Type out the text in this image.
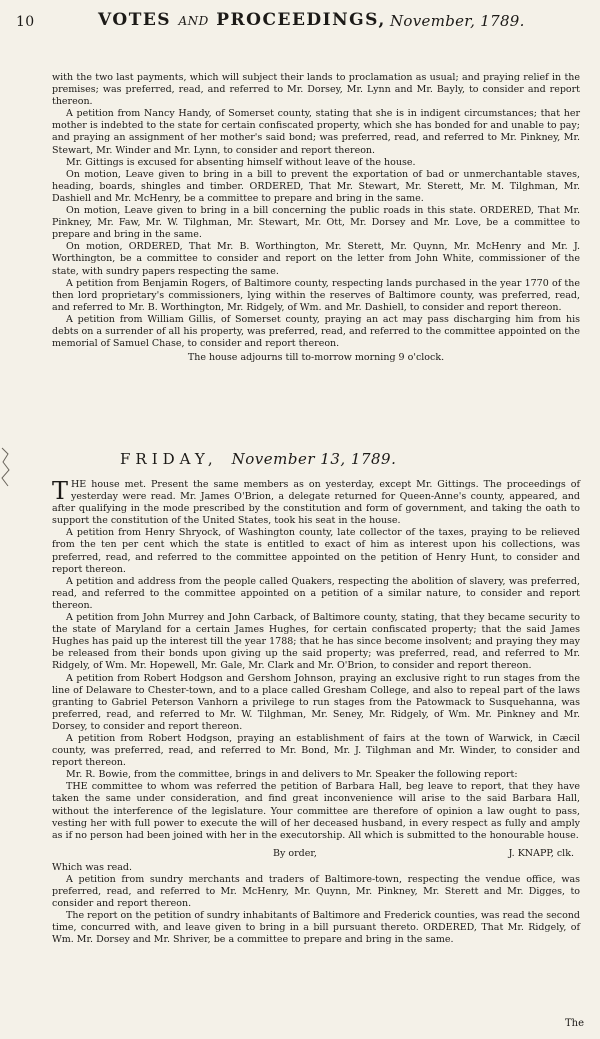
10	VOTES AND PROCEEDINGS, November, 1789.

with the two last payments, which will subject their lands to proclamation as usual; and praying relief in the premises; was preferred, read, and referred to Mr. Dorsey, Mr. Lynn and Mr. Bayly, to consider and report thereon.

A petition from Nancy Handy, of Somerset county, stating that she is in indigent circumstances; that her mother is indebted to the state for certain confiscated property, which she has bonded for and unable to pay; and praying an assignment of her mother's said bond; was preferred, read, and referred to Mr. Pinkney, Mr. Stewart, Mr. Winder and Mr. Lynn, to consider and report thereon.

Mr. Gittings is excused for absenting himself without leave of the house.

On motion, Leave given to bring in a bill to prevent the exportation of bad or unmerchantable staves, heading, boards, shingles and timber. ORDERED, That Mr. Stewart, Mr. Sterett, Mr. M. Tilghman, Mr. Dashiell and Mr. McHenry, be a committee to prepare and bring in the same.

On motion, Leave given to bring in a bill concerning the public roads in this state. ORDERED, That Mr. Pinkney, Mr. Faw, Mr. W. Tilghman, Mr. Stewart, Mr. Ott, Mr. Dorsey and Mr. Love, be a committee to prepare and bring in the same.

On motion, ORDERED, That Mr. B. Worthington, Mr. Sterett, Mr. Quynn, Mr. McHenry and Mr. J. Worthington, be a committee to consider and report on the letter from John White, commissioner of the state, with sundry papers respecting the same.

A petition from Benjamin Rogers, of Baltimore county, respecting lands purchased in the year 1770 of the then lord proprietary's commissioners, lying within the reserves of Baltimore county, was preferred, read, and referred to Mr. B. Worthington, Mr. Ridgely, of Wm. and Mr. Dashiell, to consider and report thereon.

A petition from William Gillis, of Somerset county, praying an act may pass discharging him from his debts on a surrender of all his property, was preferred, read, and referred to the committee appointed on the memorial of Samuel Chase, to consider and report thereon.

The house adjourns till to-morrow morning 9 o'clock.

FRIDAY, November 13, 1789.

THE house met. Present the same members as on yesterday, except Mr. Gittings. The proceedings of yesterday were read. Mr. James O'Brion, a delegate returned for Queen-Anne's county, appeared, and after qualifying in the mode prescribed by the constitution and form of government, and taking the oath to support the constitution of the United States, took his seat in the house.

A petition from Henry Shryock, of Washington county, late collector of the taxes, praying to be relieved from the ten per cent which the state is entitled to exact of him as interest upon his collections, was preferred, read, and referred to the committee appointed on the petition of Henry Hunt, to consider and report thereon.

A petition and address from the people called Quakers, respecting the abolition of slavery, was preferred, read, and referred to the committee appointed on a petition of a similar nature, to consider and report thereon.

A petition from John Murrey and John Carback, of Baltimore county, stating, that they became security to the state of Maryland for a certain James Hughes, for certain confiscated property; that the said James Hughes has paid up the interest till the year 1788; that he has since become insolvent; and praying they may be released from their bonds upon giving up the said property; was preferred, read, and referred to Mr. Ridgely, of Wm. Mr. Hopewell, Mr. Gale, Mr. Clark and Mr. O'Brion, to consider and report thereon.

A petition from Robert Hodgson and Gershom Johnson, praying an exclusive right to run stages from the line of Delaware to Chester-town, and to a place called Gresham College, and also to repeal part of the laws granting to Gabriel Peterson Vanhorn a privilege to run stages from the Patowmack to Susquehanna, was preferred, read, and referred to Mr. W. Tilghman, Mr. Seney, Mr. Ridgely, of Wm. Mr. Pinkney and Mr. Dorsey, to consider and report thereon.

A petition from Robert Hodgson, praying an establishment of fairs at the town of Warwick, in Cæcil county, was preferred, read, and referred to Mr. Bond, Mr. J. Tilghman and Mr. Winder, to consider and report thereon.

Mr. R. Bowie, from the committee, brings in and delivers to Mr. Speaker the following report:

THE committee to whom was referred the petition of Barbara Hall, beg leave to report, that they have taken the same under consideration, and find great inconvenience will arise to the said Barbara Hall, without the interference of the legislature. Your committee are therefore of opinion a law ought to pass, vesting her with full power to execute the will of her deceased husband, in every respect as fully and amply as if no person had been joined with her in the executorship. All which is submitted to the honourable house.

By order,	J. KNAPP, clk.

Which was read.

A petition from sundry merchants and traders of Baltimore-town, respecting the vendue office, was preferred, read, and referred to Mr. McHenry, Mr. Quynn, Mr. Pinkney, Mr. Sterett and Mr. Digges, to consider and report thereon.

The report on the petition of sundry inhabitants of Baltimore and Frederick counties, was read the second time, concurred with, and leave given to bring in a bill pursuant thereto. ORDERED, That Mr. Ridgely, of Wm. Mr. Dorsey and Mr. Shriver, be a committee to prepare and bring in the same.

The
